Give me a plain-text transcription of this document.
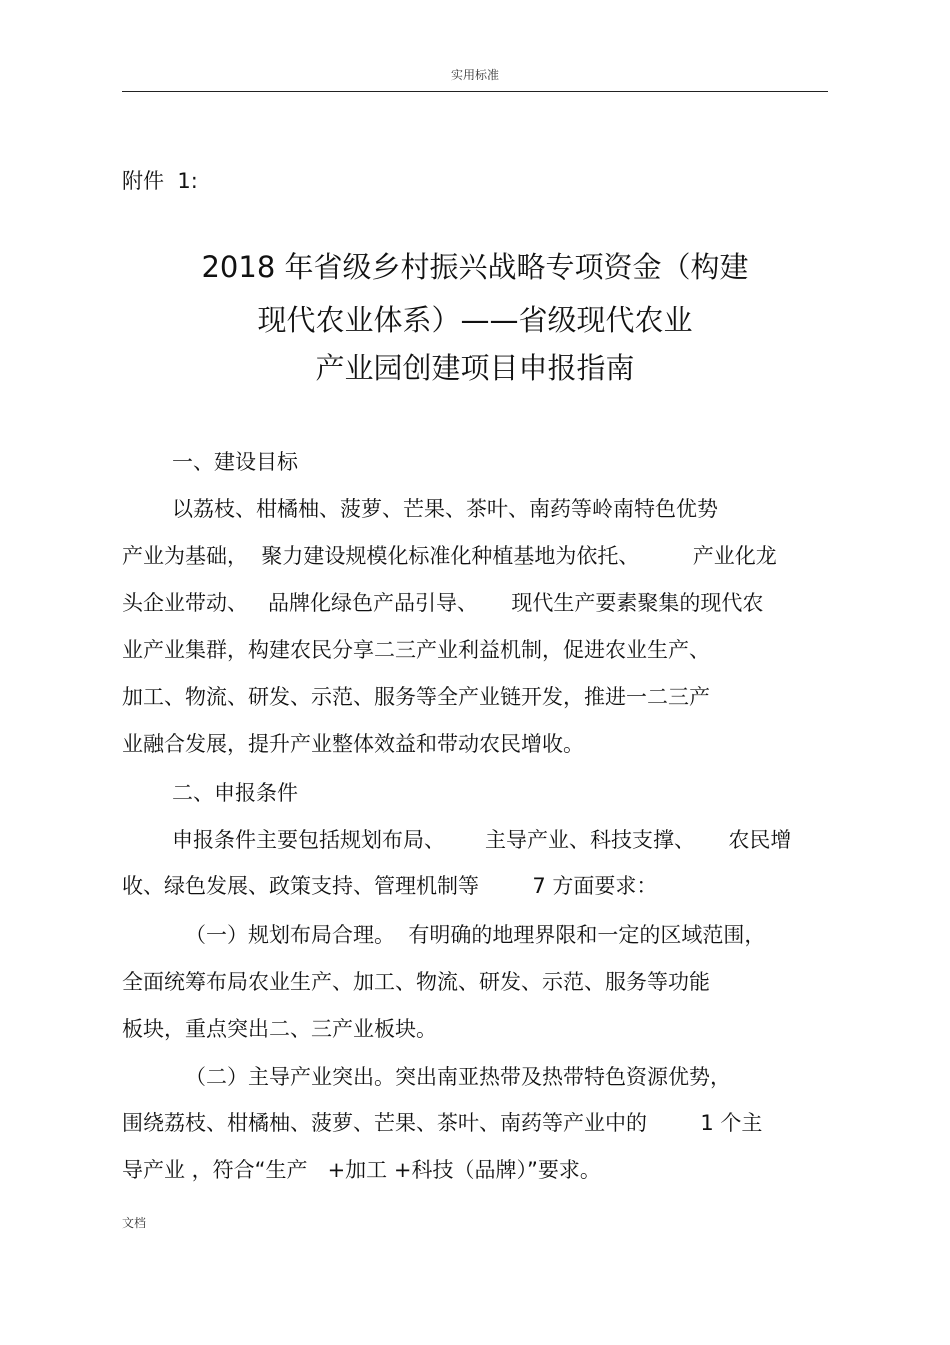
实用标准
附件  1:
2018 年省级乡村振兴战略专项资金（构建
现代农业体系）——省级现代农业
产业园创建项目申报指南
一、建设目标
以荔枝、柑橘柚、菠萝、芒果、茶叶、南药等岭南特色优势
产业为基础，  聚力建设规模化标准化种植基地为依托、        产业化龙
头企业带动、   品牌化绿色产品引导、     现代生产要素聚集的现代农
业产业集群，构建农民分享二三产业利益机制，促进农业生产、
加工、物流、研发、示范、服务等全产业链开发，推进一二三产
业融合发展，提升产业整体效益和带动农民增收。
二、申报条件
申报条件主要包括规划布局、      主导产业、科技支撑、     农民增
收、绿色发展、政策支持、管理机制等        7 方面要求：
（一）规划布局合理。  有明确的地理界限和一定的区域范围，
全面统筹布局农业生产、加工、物流、研发、示范、服务等功能
板块，重点突出二、三产业板块。
（二）主导产业突出。突出南亚热带及热带特色资源优势，
围绕荔枝、柑橘柚、菠萝、芒果、茶叶、南药等产业中的        1 个主
导产业 ，符合“生产   +加工 +科技（品牌）”要求。
文档
